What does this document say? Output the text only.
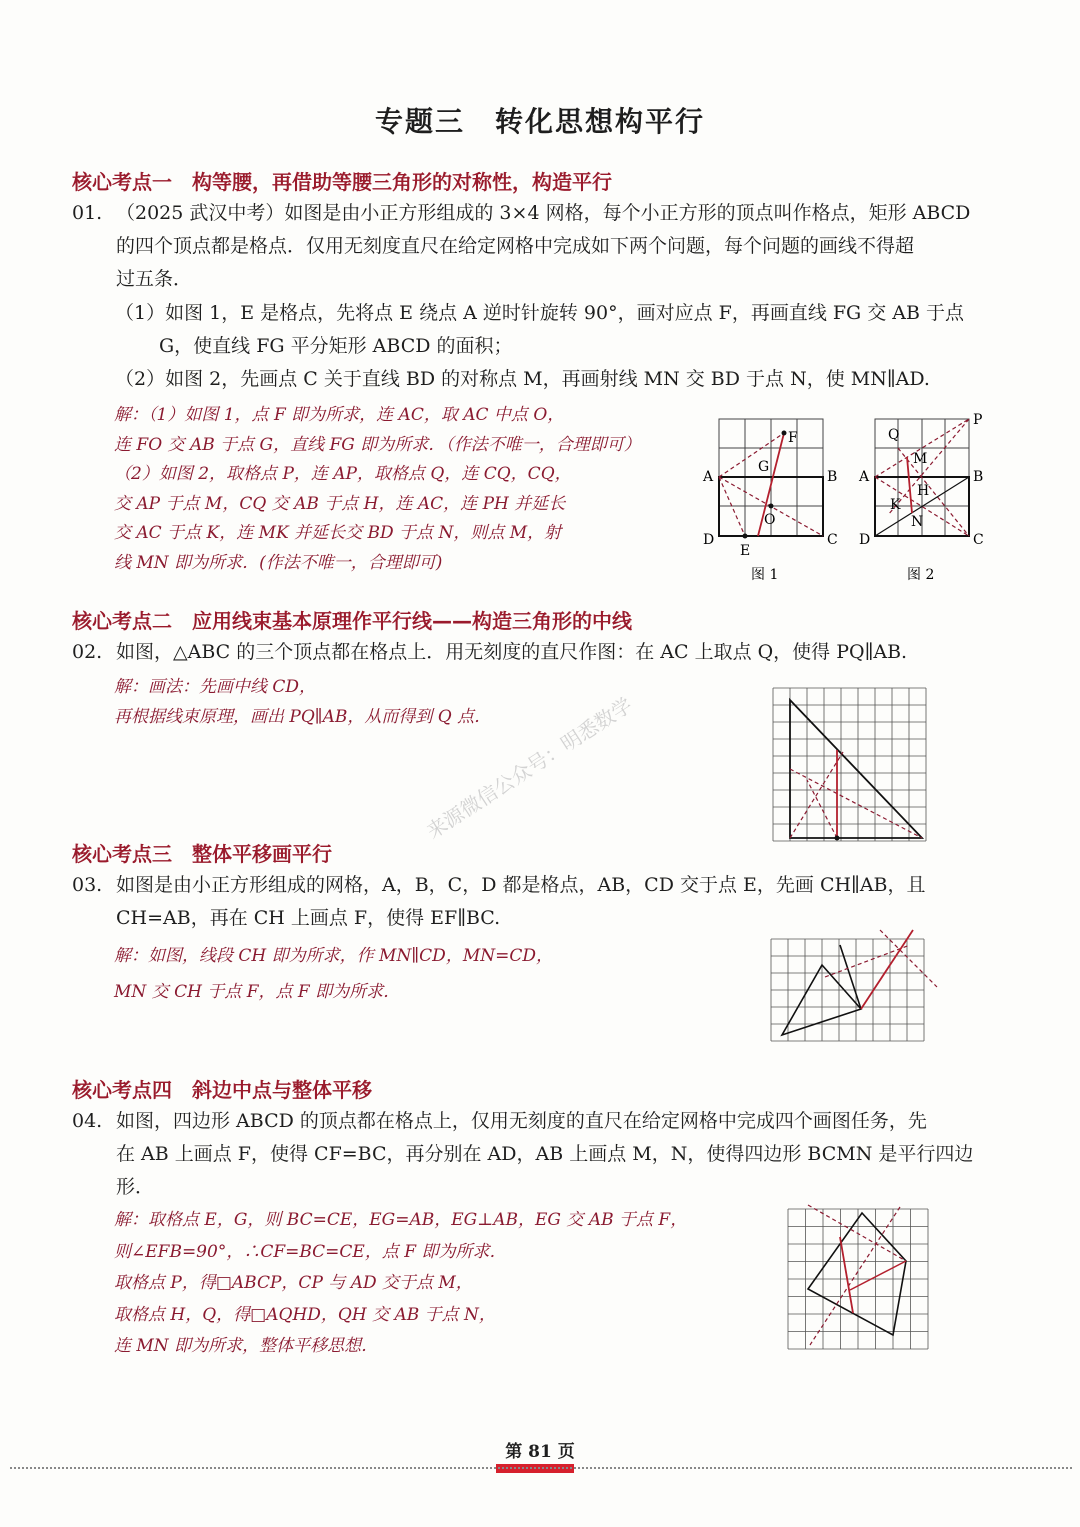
专题三　转化思想构平行
核心考点一　构等腰，再借助等腰三角形的对称性，构造平行
01. （2025 武汉中考）如图是由小正方形组成的 3×4 网格，每个小正方形的顶点叫作格点，矩形 ABCD
的四个顶点都是格点．仅用无刻度直尺在给定网格中完成如下两个问题，每个问题的画线不得超
过五条．
（1）如图 1，E 是格点，先将点 E 绕点 A 逆时针旋转 90°，画对应点 F，再画直线 FG 交 AB 于点
G，使直线 FG 平分矩形 ABCD 的面积；
（2）如图 2，先画点 C 关于直线 BD 的对称点 M，再画射线 MN 交 BD 于点 N，使 MN∥AD.
解：（1）如图 1，点 F 即为所求，连 AC，取 AC 中点 O，
连 FO 交 AB 于点 G，直线 FG 即为所求．（作法不唯一，合理即可）
（2）如图 2，取格点 P，连 AP，取格点 Q，连 CQ，CQ，
交 AP 于点 M，CQ 交 AB 于点 H，连 AC，连 PH 并延长
交 AC 于点 K，连 MK 并延长交 BD 于点 N，则点 M，射
线 MN 即为所求．(作法不唯一，合理即可)
A	B
C
D
E
F
G
O
图 1
P
Q
M
H
K
N
A	B
C
D
图 2
核心考点二　应用线束基本原理作平行线——构造三角形的中线
02. 如图，△ABC 的三个顶点都在格点上．用无刻度的直尺作图：在 AC 上取点 Q，使得 PQ∥AB.
解：画法：先画中线 CD，
再根据线束原理，画出 PQ∥AB，从而得到 Q 点．
来源微信公众号：明悉数学
核心考点三　整体平移画平行
03. 如图是由小正方形组成的网格，A，B，C，D 都是格点，AB，CD 交于点 E，先画 CH∥AB，且
CH=AB，再在 CH 上画点 F，使得 EF∥BC.
解：如图，线段 CH 即为所求，作 MN∥CD，MN=CD，
MN 交 CH 于点 F，点 F 即为所求．
核心考点四　斜边中点与整体平移
04. 如图，四边形 ABCD 的顶点都在格点上，仅用无刻度的直尺在给定网格中完成四个画图任务，先
在 AB 上画点 F，使得 CF=BC，再分别在 AD，AB 上画点 M，N，使得四边形 BCMN 是平行四边
形．
解：取格点 E，G，则 BC=CE，EG=AB，EG⊥AB，EG 交 AB 于点 F，
则∠EFB=90°，∴CF=BC=CE，点 F 即为所求．
取格点 P，得□ABCP，CP 与 AD 交于点 M，
取格点 H，Q，得□AQHD，QH 交 AB 于点 N，
连 MN 即为所求，整体平移思想．
第 81 页
